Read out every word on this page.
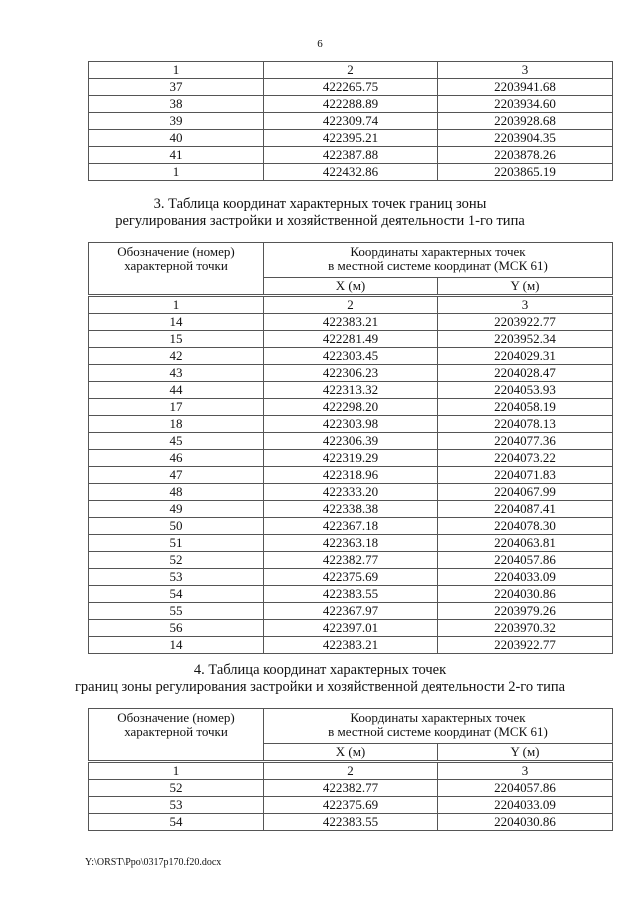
6
1	2	3
37	422265.75	2203941.68
38	422288.89	2203934.60
39	422309.74	2203928.68
40	422395.21	2203904.35
41	422387.88	2203878.26
1	422432.86	2203865.19
3. Таблица координат характерных точек границ зоны
регулирования застройки и хозяйственной деятельности 1-го типа
Обозначение (номер) характерной точки	Координаты характерных точек
в местной системе координат (МСК 61)	

	X (м)	Y (м)
1	2	3
14	422383.21	2203922.77
15	422281.49	2203952.34
42	422303.45	2204029.31
43	422306.23	2204028.47
44	422313.32	2204053.93
17	422298.20	2204058.19
18	422303.98	2204078.13
45	422306.39	2204077.36
46	422319.29	2204073.22
47	422318.96	2204071.83
48	422333.20	2204067.99
49	422338.38	2204087.41
50	422367.18	2204078.30
51	422363.18	2204063.81
52	422382.77	2204057.86
53	422375.69	2204033.09
54	422383.55	2204030.86
55	422367.97	2203979.26
56	422397.01	2203970.32
14	422383.21	2203922.77
4. Таблица координат характерных точек
границ зоны регулирования застройки и хозяйственной деятельности 2-го типа
Обозначение (номер) характерной точки	Координаты характерных точек
в местной системе координат (МСК 61)	

	X (м)	Y (м)
1	2	3
52	422382.77	2204057.86
53	422375.69	2204033.09
54	422383.55	2204030.86
Y:\ORST\Ppo\0317p170.f20.docx
